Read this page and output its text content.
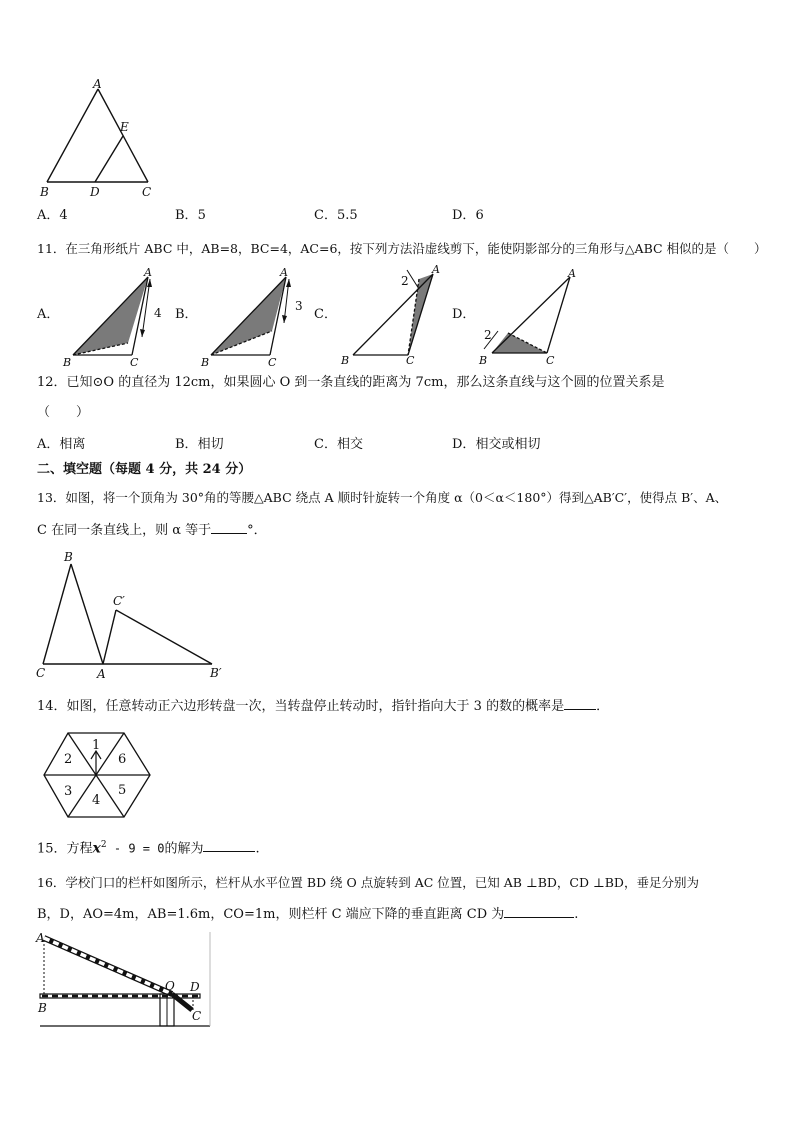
A
E
B	D	C
A．4	B．5	C．5.5	D．6
11．在三角形纸片 ABC 中，AB=8，BC=4，AC=6，按下列方法沿虚线剪下，能使阴影部分的三角形与△ABC 相似的是（　　）
A．	B．	C．	D．
A
B	C
4
A
B	C
3
A
B	C
2
A
B	C
2
12．已知⊙O 的直径为 12cm，如果圆心 O 到一条直线的距离为 7cm，那么这条直线与这个圆的位置关系是
（　　）
A．相离	B．相切	C．相交	D．相交或相切
二、填空题（每题 4 分，共 24 分）
13．如图，将一个顶角为 30°角的等腰△ABC 绕点 A 顺时针旋转一个角度 α（0＜α＜180°）得到△AB′C′，使得点 B′、A、
C 在同一条直线上，则 α 等于	°．
B
C′
C	A	B′
14．如图，任意转动正六边形转盘一次，当转盘停止转动时，指针指向大于 3 的数的概率是 ．
1
2
3
4
5
6
15．方程$x^2 - 9 = 0$的解为	.
16．学校门口的栏杆如图所示，栏杆从水平位置 BD 绕 O 点旋转到 AC 位置，已知 AB ⊥BD，CD ⊥BD，垂足分别为
B，D，AO=4m，AB=1.6m，CO=1m，则栏杆 C 端应下降的垂直距离 CD 为	.
A
B
O D
C
